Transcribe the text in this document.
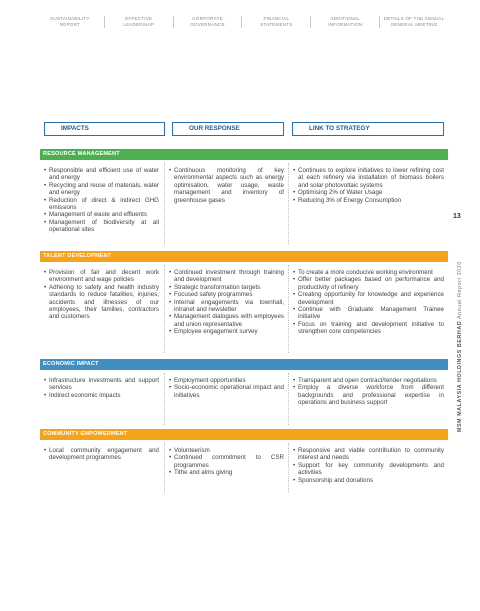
SUSTAINABILITY
REPORT
EFFECTIVE
LEADERSHIP
CORPORATE
GOVERNANCE
FINANCIAL
STATEMENTS
ADDITIONAL
INFORMATION
DETAILS OF THE ANNUAL
GENERAL MEETING
IMPACTS	OUR RESPONSE	LINK TO STRATEGY
RESOURCE MANAGEMENT
TALENT DEVELOPMENT
ECONOMIC IMPACT
COMMUNITY EMPOWERMENT
• Responsible and efficient use of water and energy
• Recycling and reuse of materials, water and energy
• Reduction of direct & indirect GHG emissions
• Management of waste and effluents
• Management of biodiversity at all operational sites
• Continuous monitoring of key environmental aspects such as energy optimisation, water usage, waste management and inventory of greenhouse gases
• Continues to explore initiatives to lower refining cost at each refinery via installation of biomass boilers and solar photovoltaic systems
• Optimising 2% of Water Usage
• Reducing 3% of Energy Consumption
• Provision of fair and decent work environment and wage policies
• Adhering to safety and health industry standards to reduce fatalities, injuries, accidents and illnesses of our employees, their families, contractors and customers
• Continued investment through training and development
• Strategic transformation targets
• Focused safety programmes
• Internal engagements via townhall, intranet and newsletter
• Management dialogues with employees and union representative
• Employee engagement survey
• To create a more conducive working environment
• Offer better packages based on performance and productivity of refinery
• Creating opportunity for knowledge and experience development
• Continue with Graduate Management Trainee initiative
• Focus on training and development initiative to strengthen core competencies
• Infrastructure investments and support services
• Indirect economic impacts
• Employment opportunities
• Socio-economic operational impact and initiatives
• Transparent and open contract/tender negotiations
• Employ a diverse workforce from different backgrounds and professional expertise in operations and business support
• Local community engagement and development programmes
• Volunteerism
• Continued commitment to CSR programmes
• Tithe and alms giving
• Responsive and viable contribution to community interest and needs
• Support for key community developments and activities
• Sponsorship and donations
13
MSM MALAYSIA HOLDINGS BERHAD Annual Report 2020
